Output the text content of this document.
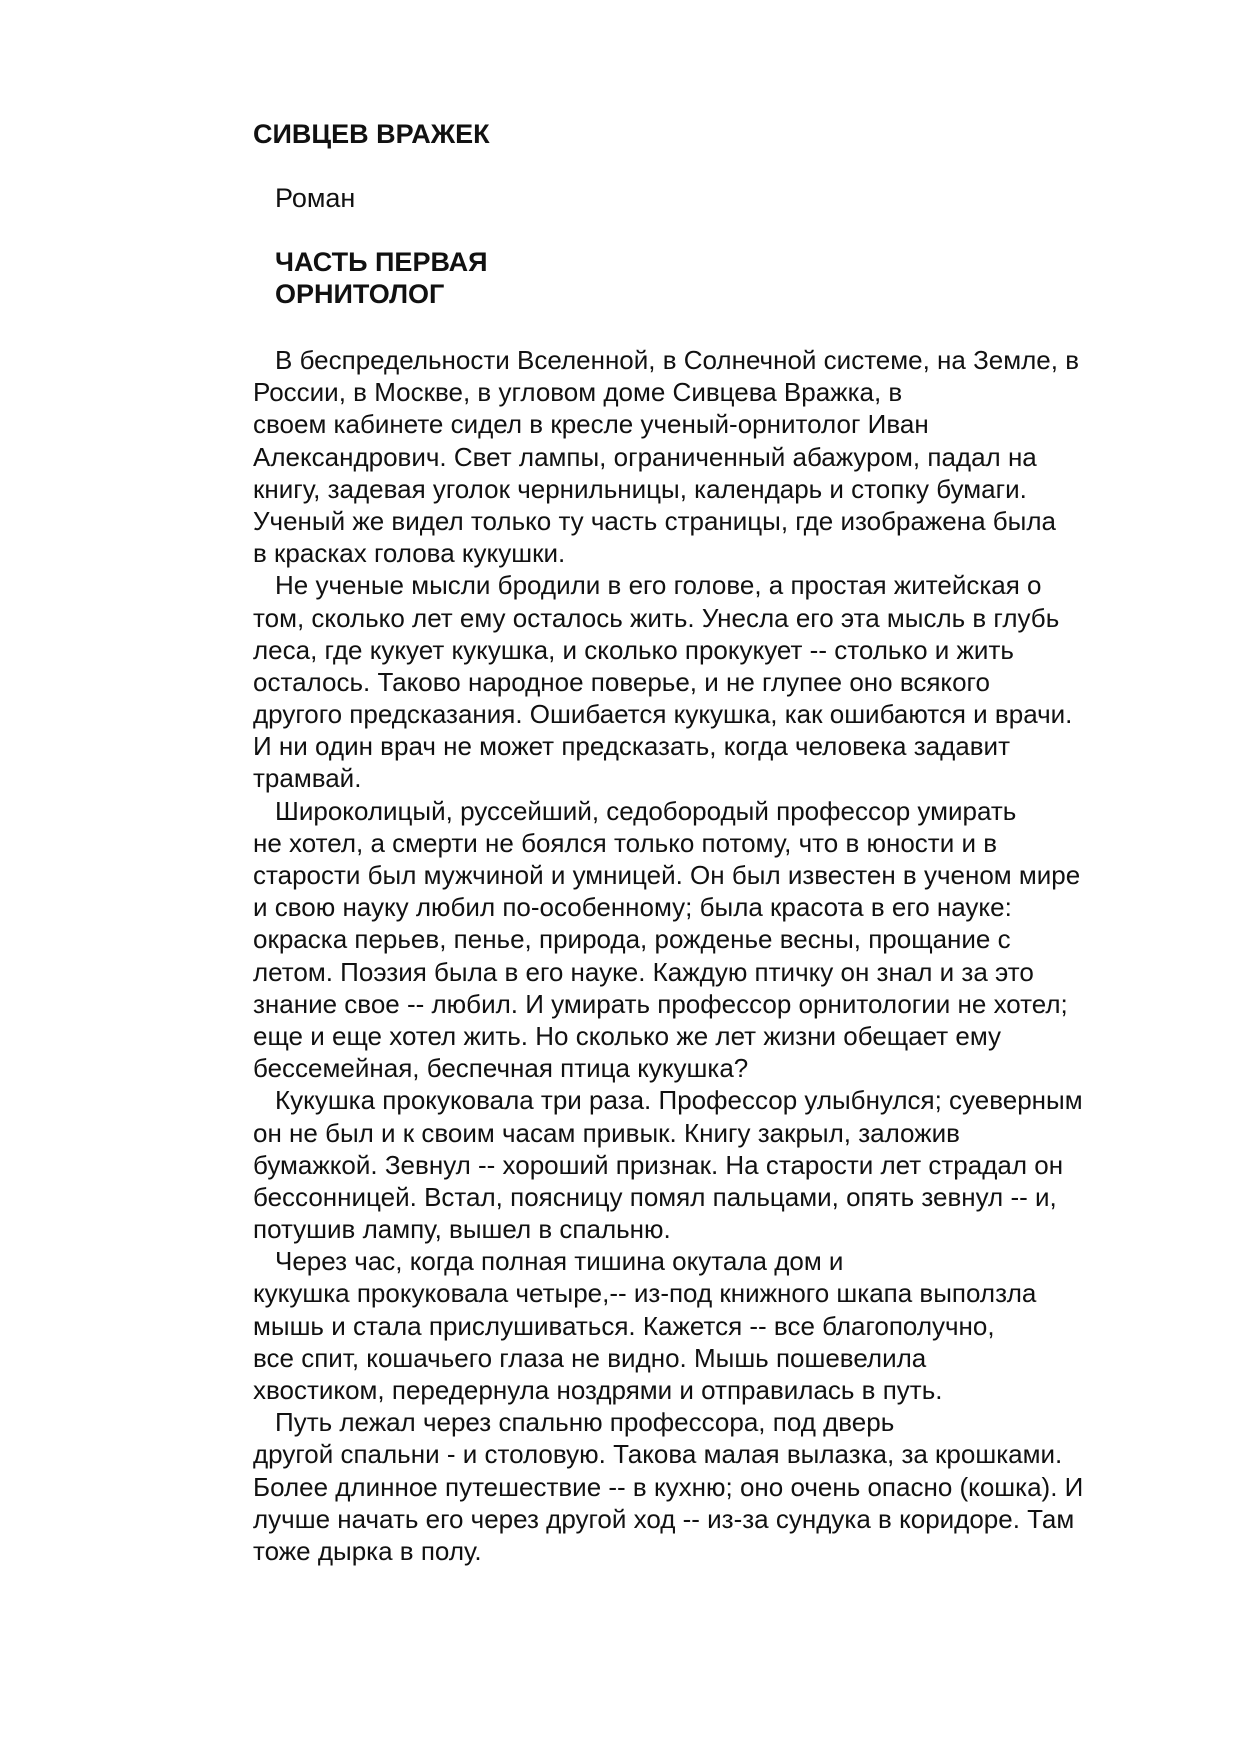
СИВЦЕВ ВРАЖЕК
Роман
ЧАСТЬ ПЕРВАЯ
ОРНИТОЛОГ
В беспредельности Вселенной, в Солнечной системе, на Земле, в
России, в Москве, в угловом доме Сивцева Вражка, в
своем кабинете сидел в кресле ученый-орнитолог Иван
Александрович. Свет лампы, ограниченный абажуром, падал на
книгу, задевая уголок чернильницы, календарь и стопку бумаги.
Ученый же видел только ту часть страницы, где изображена была
в красках голова кукушки.
Не ученые мысли бродили в его голове, а простая житейская о
том, сколько лет ему осталось жить. Унесла его эта мысль в глубь
леса, где кукует кукушка, и сколько прокукует -- столько и жить
осталось. Таково народное поверье, и не глупее оно всякого
другого предсказания. Ошибается кукушка, как ошибаются и врачи.
И ни один врач не может предсказать, когда человека задавит
трамвай.
Широколицый, руссейший, седобородый профессор умирать
не хотел, а смерти не боялся только потому, что в юности и в
старости был мужчиной и умницей. Он был известен в ученом мире
и свою науку любил по-особенному; была красота в его науке:
окраска перьев, пенье, природа, рожденье весны, прощание с
летом. Поэзия была в его науке. Каждую птичку он знал и за это
знание свое -- любил. И умирать профессор орнитологии не хотел;
еще и еще хотел жить. Но сколько же лет жизни обещает ему
бессемейная, беспечная птица кукушка?
Кукушка прокуковала три раза. Профессор улыбнулся; суеверным
он не был и к своим часам привык. Книгу закрыл, заложив
бумажкой. Зевнул -- хороший признак. На старости лет страдал он
бессонницей. Встал, поясницу помял пальцами, опять зевнул -- и,
потушив лампу, вышел в спальню.
Через час, когда полная тишина окутала дом и
кукушка прокуковала четыре,-- из-под книжного шкапа выползла
мышь и стала прислушиваться. Кажется -- все благополучно,
все спит, кошачьего глаза не видно. Мышь пошевелила
хвостиком, передернула ноздрями и отправилась в путь.
Путь лежал через спальню профессора, под дверь
другой спальни - и столовую. Такова малая вылазка, за крошками.
Более длинное путешествие -- в кухню; оно очень опасно (кошка). И
лучше начать его через другой ход -- из-за сундука в коридоре. Там
тоже дырка в полу.
